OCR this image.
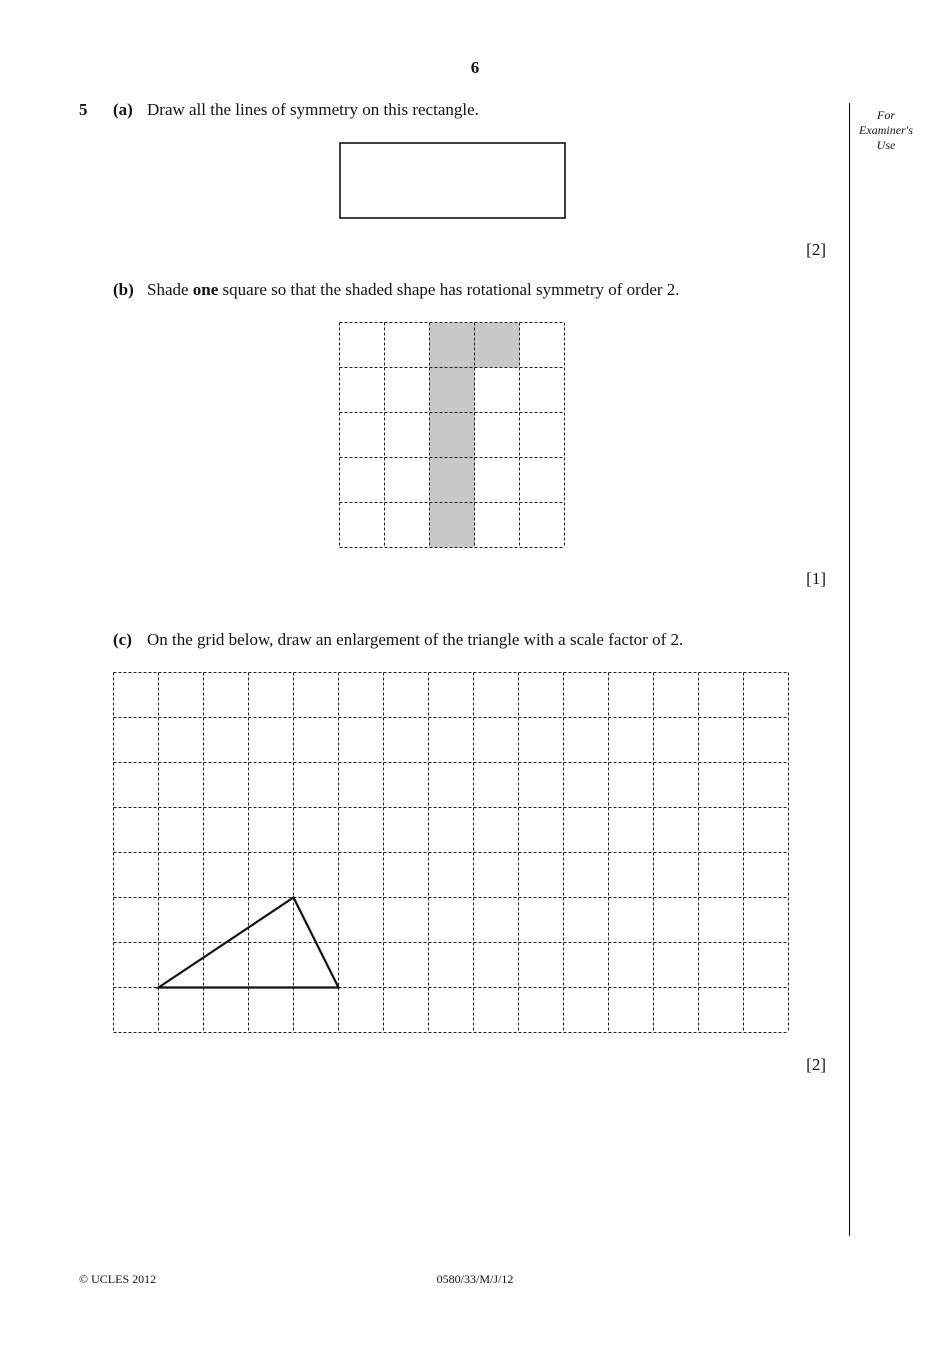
6
For
Examiner's
Use
5 (a) Draw all the lines of symmetry on this rectangle.
[2]
(b) Shade one square so that the shaded shape has rotational symmetry of order 2.
[1]
(c) On the grid below, draw an enlargement of the triangle with a scale factor of 2.
[2]
© UCLES 2012	0580/33/M/J/12
